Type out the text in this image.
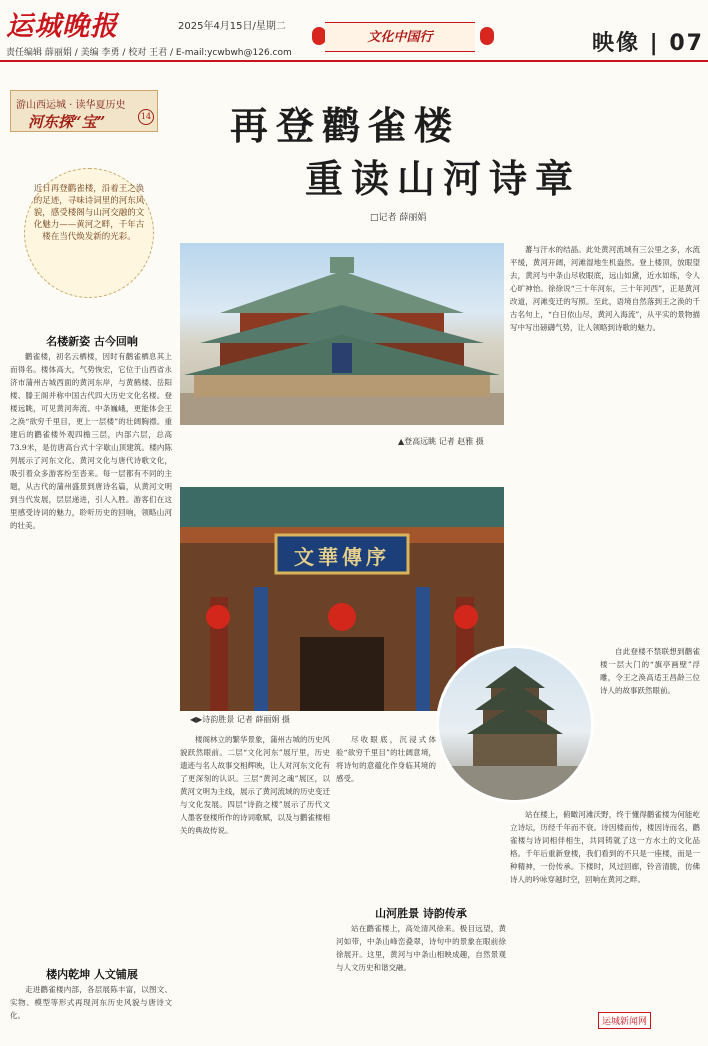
运城晚报	2025年4月15日/星期二
责任编辑 薛丽娟 / 美编 李勇 / 校对 王君 / E-mail:ycwbwh@126.com
文化中国行	映像 | 07
游山西运城 · 读华夏历史
河东探“宝”	14
近日再登鹳雀楼，沿着王之涣的足迹，寻味诗词里的河东风貌，感受楼阁与山河交融的文化魅力——黄河之畔，千年古楼在当代焕发新的光彩。
名楼新姿 古今回响
鹳雀楼，初名云栖楼，因时有鹳雀栖息其上而得名。楼体高大，气势恢宏，它位于山西省永济市蒲州古城西面的黄河东岸，与黄鹤楼、岳阳楼、滕王阁并称中国古代四大历史文化名楼。登楼远眺，可见黄河奔流、中条巍峨，更能体会王之涣“欲穷千里目，更上一层楼”的壮阔胸襟。重建后的鹳雀楼外观四檐三层，内部六层，总高73.9米，是仿唐高台式十字歇山顶建筑。楼内陈列展示了河东文化、黄河文化与唐代诗歌文化，吸引着众多游客纷至沓来。每一层都有不同的主题，从古代的蒲州盛景到唐诗名篇，从黄河文明到当代发展，层层递进，引人入胜。游客们在这里感受诗词的魅力，聆听历史的回响，领略山河的壮美。
楼内乾坤 人文铺展
走进鹳雀楼内部，各层展陈丰富，以图文、实物、模型等形式再现河东历史风貌与唐诗文化。
再登鹳雀楼
重读山河诗章
□记者 薛丽娟
▲登高远眺 记者 赵雅 摄
文華傳序
◀▶诗韵胜景 记者 薛丽娟 摄
楼阁林立的繁华景象，蒲州古城的历史风貌跃然眼前。二层“文化河东”展厅里，历史遗迹与名人故事交相辉映，让人对河东文化有了更深刻的认识。三层“黄河之魂”展区，以黄河文明为主线，展示了黄河流域的历史变迁与文化发展。四层“诗韵之楼”展示了历代文人墨客登楼所作的诗词歌赋，以及与鹳雀楼相关的典故传说。
尽收眼底，沉浸式体验“欲穷千里目”的壮阔意境，将诗句的意蕴化作身临其境的感受。
山河胜景 诗韵传承
站在鹳雀楼上，高处清风徐来。极目远望，黄河如带，中条山峰峦叠翠，诗句中的景象在眼前徐徐展开。这里，黄河与中条山相映成趣，自然景观与人文历史和谐交融。
蕃与汗水的结晶。此处黄河流域有三公里之多，水流平缓，黄河开阔，河滩湿地生机盎然。登上楼顶，放眼望去，黄河与中条山尽收眼底，远山如黛，近水如练，令人心旷神怡。徐徐说“三十年河东，三十年河西”，正是黄河改道，河滩变迁的写照。至此，语境自然落到王之涣的千古名句上，“白日依山尽，黄河入海流”，从平实的景物描写中写出磅礴气势，让人领略到诗歌的魅力。
自此登楼不禁联想到鹳雀楼一层大门的“旗亭画壁”浮雕，令王之涣高适王昌龄三位诗人的故事跃然眼前。
站在楼上，俯瞰河滩沃野，终于懂得鹳雀楼为何能屹立诗坛，历经千年而不衰。诗因楼而传，楼因诗而名，鹳雀楼与诗词相伴相生，共同铸就了这一方水土的文化品格。千年后重新登楼，我们看到的不只是一座楼，而是一种精神，一份传承。下楼时，风过回廊，铃音清脆，仿佛诗人的吟咏穿越时空，回响在黄河之畔。
运城新闻网
